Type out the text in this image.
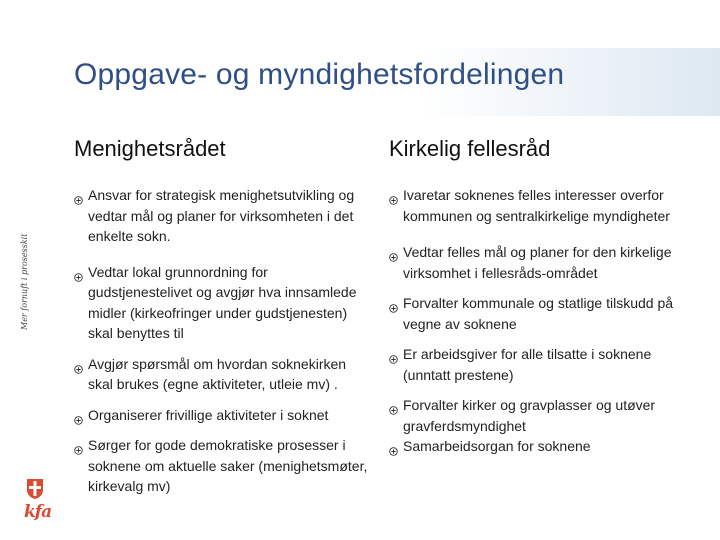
Mer fornuft i prosesskit
Oppgave- og myndighetsfordelingen
Menighetsrådet	Kirkelig fellesråd
Ansvar for strategisk menighetsutvikling og vedtar mål og planer for virksomheten i det enkelte sokn.
Vedtar lokal grunnordning for gudstjenestelivet og avgjør hva innsamlede midler (kirkeofringer under gudstjenesten) skal benyttes til
Avgjør spørsmål om hvordan soknekirken skal brukes (egne aktiviteter, utleie mv) .
Organiserer frivillige aktiviteter i soknet
Sørger for gode demokratiske prosesser i soknene om aktuelle saker (menighetsmøter, kirkevalg mv)
Ivaretar soknenes felles interesser overfor kommunen og sentralkirkelige myndigheter
Vedtar felles mål og planer for den kirkelige virksomhet i fellesråds-området
Forvalter kommunale og statlige tilskudd på vegne av soknene
Er arbeidsgiver for alle tilsatte i soknene (unntatt prestene)
Forvalter kirker og gravplasser og utøver gravferdsmyndighet
Samarbeidsorgan for soknene
kfa
